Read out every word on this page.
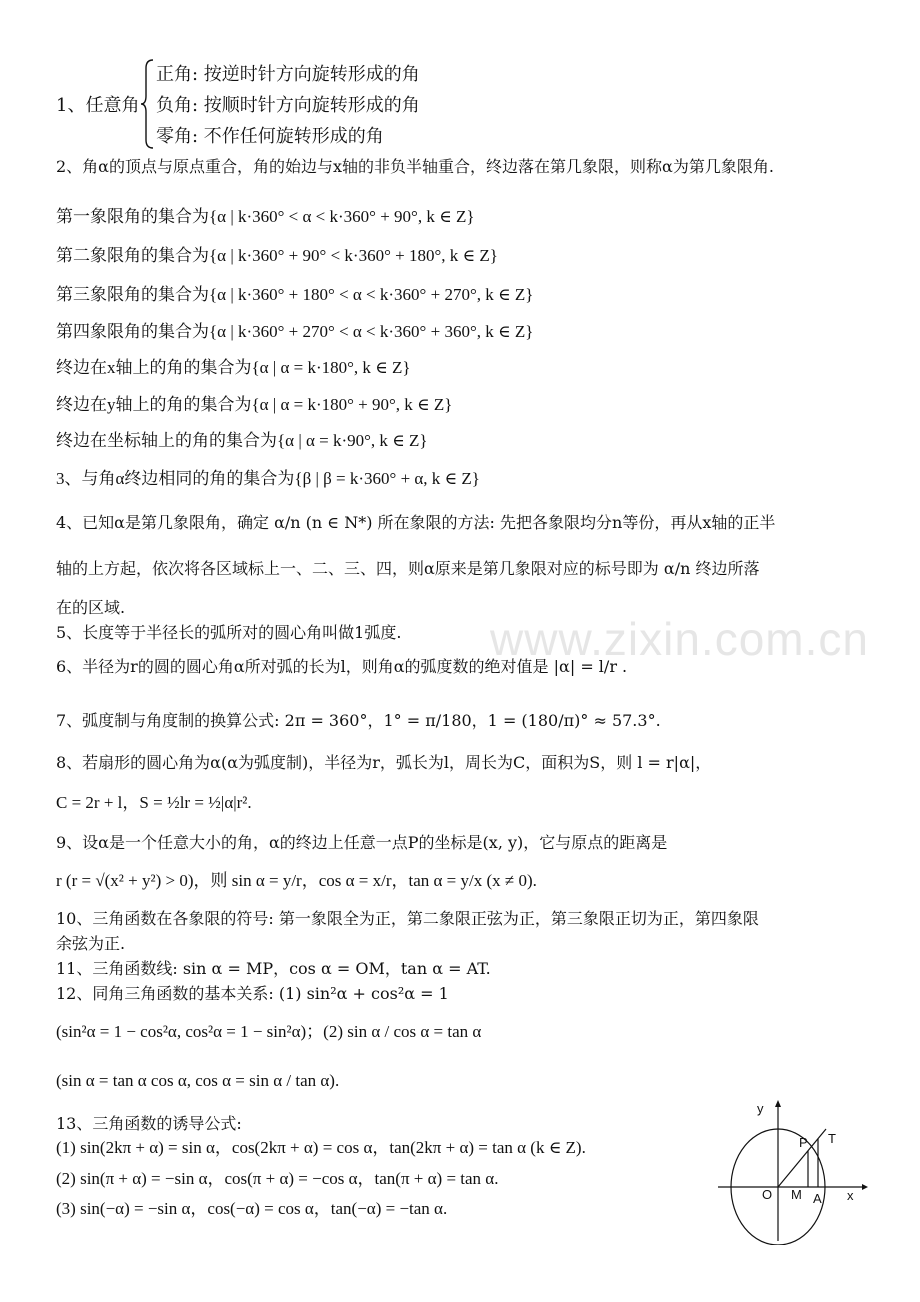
www.zixin.com.cn
1、任意角
正角: 按逆时针方向旋转形成的角
负角: 按顺时针方向旋转形成的角
零角: 不作任何旋转形成的角
2、角α的顶点与原点重合，角的始边与x轴的非负半轴重合，终边落在第几象限，则称α为第几象限角.
第一象限角的集合为{α | k·360° < α < k·360° + 90°, k ∈ Z}
第二象限角的集合为{α | k·360° + 90° < k·360° + 180°, k ∈ Z}
第三象限角的集合为{α | k·360° + 180° < α < k·360° + 270°, k ∈ Z}
第四象限角的集合为{α | k·360° + 270° < α < k·360° + 360°, k ∈ Z}
终边在x轴上的角的集合为{α | α = k·180°, k ∈ Z}
终边在y轴上的角的集合为{α | α = k·180° + 90°, k ∈ Z}
终边在坐标轴上的角的集合为{α | α = k·90°, k ∈ Z}
3、与角α终边相同的角的集合为{β | β = k·360° + α, k ∈ Z}
4、已知α是第几象限角，确定 α/n (n ∈ N*) 所在象限的方法: 先把各象限均分n等份，再从x轴的正半
轴的上方起，依次将各区域标上一、二、三、四，则α原来是第几象限对应的标号即为 α/n 终边所落
在的区域.
5、长度等于半径长的弧所对的圆心角叫做1弧度.
6、半径为r的圆的圆心角α所对弧的长为l，则角α的弧度数的绝对值是 |α| = l/r .
7、弧度制与角度制的换算公式: 2π = 360°，1° = π/180，1 = (180/π)° ≈ 57.3°.
8、若扇形的圆心角为α(α为弧度制)，半径为r，弧长为l，周长为C，面积为S，则 l = r|α|，
C = 2r + l，S = ½lr = ½|α|r².
9、设α是一个任意大小的角，α的终边上任意一点P的坐标是(x, y)，它与原点的距离是
r (r = √(x² + y²) > 0)，则 sin α = y/r，cos α = x/r，tan α = y/x (x ≠ 0).
10、三角函数在各象限的符号: 第一象限全为正，第二象限正弦为正，第三象限正切为正，第四象限
余弦为正.
11、三角函数线: sin α = MP，cos α = OM，tan α = AT.
12、同角三角函数的基本关系: (1) sin²α + cos²α = 1
(sin²α = 1 − cos²α, cos²α = 1 − sin²α)；(2) sin α / cos α = tan α
(sin α = tan α cos α, cos α = sin α / tan α).
13、三角函数的诱导公式:
(1) sin(2kπ + α) = sin α，cos(2kπ + α) = cos α，tan(2kπ + α) = tan α (k ∈ Z).
(2) sin(π + α) = −sin α，cos(π + α) = −cos α，tan(π + α) = tan α.
(3) sin(−α) = −sin α，cos(−α) = cos α，tan(−α) = −tan α.
y
x
O M A
P T
